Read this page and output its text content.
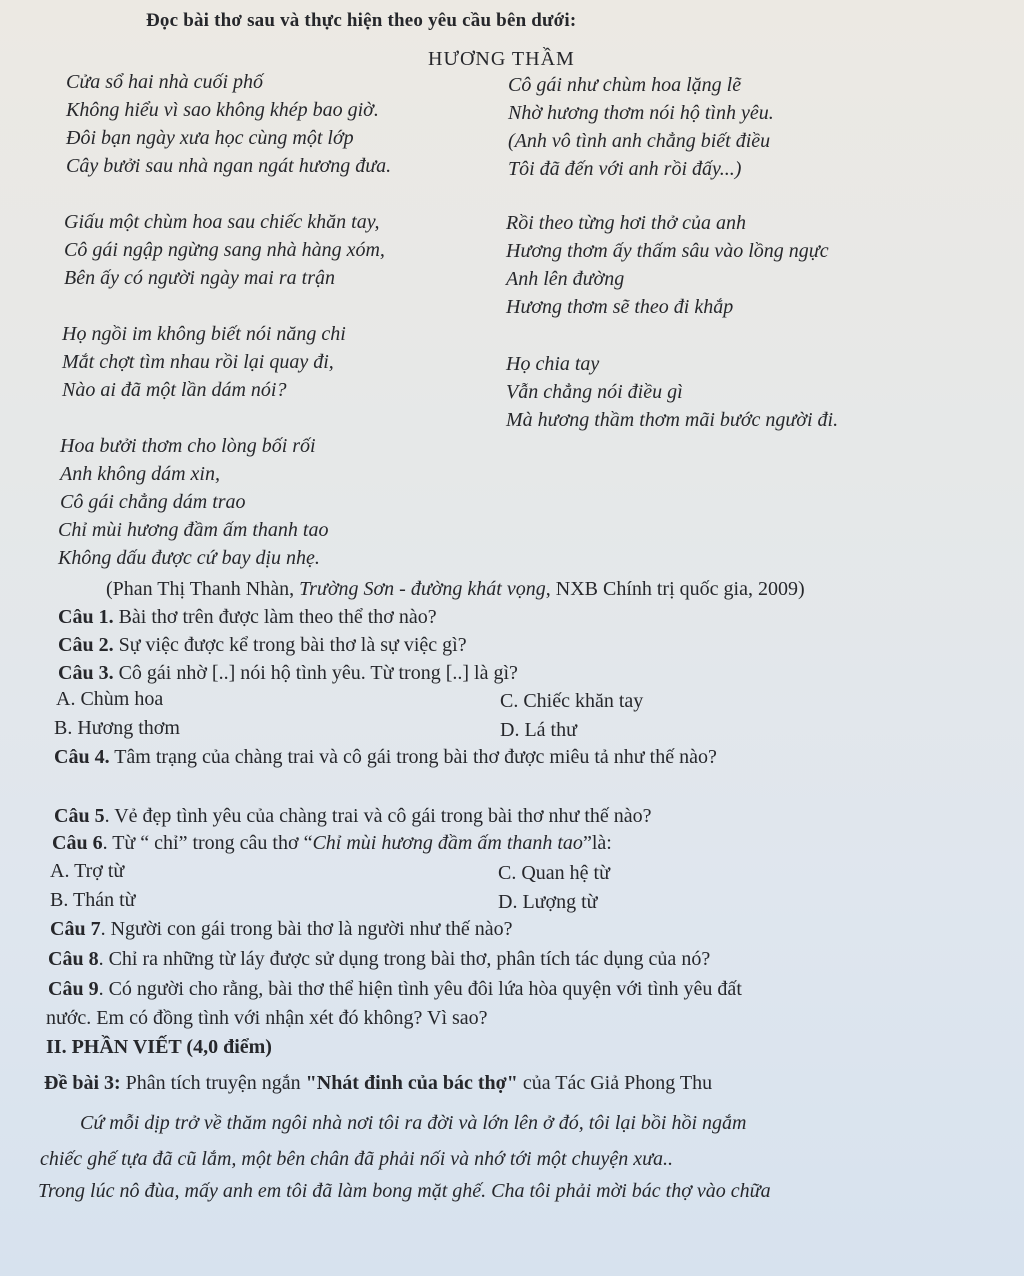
Đọc bài thơ sau và thực hiện theo yêu cầu bên dưới:
HƯƠNG THẦM
Cửa sổ hai nhà cuối phố
Không hiểu vì sao không khép bao giờ.
Đôi bạn ngày xưa học cùng một lớp
Cây bưởi sau nhà ngan ngát hương đưa.
Giấu một chùm hoa sau chiếc khăn tay,
Cô gái ngập ngừng sang nhà hàng xóm,
Bên ấy có người ngày mai ra trận
Họ ngồi im không biết nói năng chi
Mắt chợt tìm nhau rồi lại quay đi,
Nào ai đã một lần dám nói?
Hoa bưởi thơm cho lòng bối rối
Anh không dám xin,
Cô gái chẳng dám trao
Chỉ mùi hương đầm ấm thanh tao
Không dấu được cứ bay dịu nhẹ.
Cô gái như chùm hoa lặng lẽ
Nhờ hương thơm nói hộ tình yêu.
(Anh vô tình anh chẳng biết điều
Tôi đã đến với anh rồi đấy...)
Rồi theo từng hơi thở của anh
Hương thơm ấy thấm sâu vào lồng ngực
Anh lên đường
Hương thơm sẽ theo đi khắp
Họ chia tay
Vẫn chẳng nói điều gì
Mà hương thầm thơm mãi bước người đi.
(Phan Thị Thanh Nhàn, Trường Sơn - đường khát vọng, NXB Chính trị quốc gia, 2009)
Câu 1. Bài thơ trên được làm theo thể thơ nào?
Câu 2. Sự việc được kể trong bài thơ là sự việc gì?
Câu 3. Cô gái nhờ [..] nói hộ tình yêu. Từ trong [..] là gì?
A. Chùm hoa	C. Chiếc khăn tay
B. Hương thơm	D. Lá thư
Câu 4. Tâm trạng của chàng trai và cô gái trong bài thơ được miêu tả như thế nào?
Câu 5. Vẻ đẹp tình yêu của chàng trai và cô gái trong bài thơ như thế nào?
Câu 6. Từ “ chỉ” trong câu thơ “Chỉ mùi hương đầm ấm thanh tao”là:
A. Trợ từ	C. Quan hệ từ
B. Thán từ	D. Lượng từ
Câu 7. Người con gái trong bài thơ là người như thế nào?
Câu 8. Chỉ ra những từ láy được sử dụng trong bài thơ, phân tích tác dụng của nó?
Câu 9. Có người cho rằng, bài thơ thể hiện tình yêu đôi lứa hòa quyện với tình yêu đất
nước. Em có đồng tình với nhận xét đó không? Vì sao?
II. PHẦN VIẾT (4,0 điểm)
Đề bài 3: Phân tích truyện ngắn "Nhát đinh của bác thợ" của Tác Giả Phong Thu
Cứ mỗi dịp trở về thăm ngôi nhà nơi tôi ra đời và lớn lên ở đó, tôi lại bồi hồi ngắm
chiếc ghế tựa đã cũ lắm, một bên chân đã phải nối và nhớ tới một chuyện xưa..
Trong lúc nô đùa, mấy anh em tôi đã làm bong mặt ghế. Cha tôi phải mời bác thợ vào chữa
